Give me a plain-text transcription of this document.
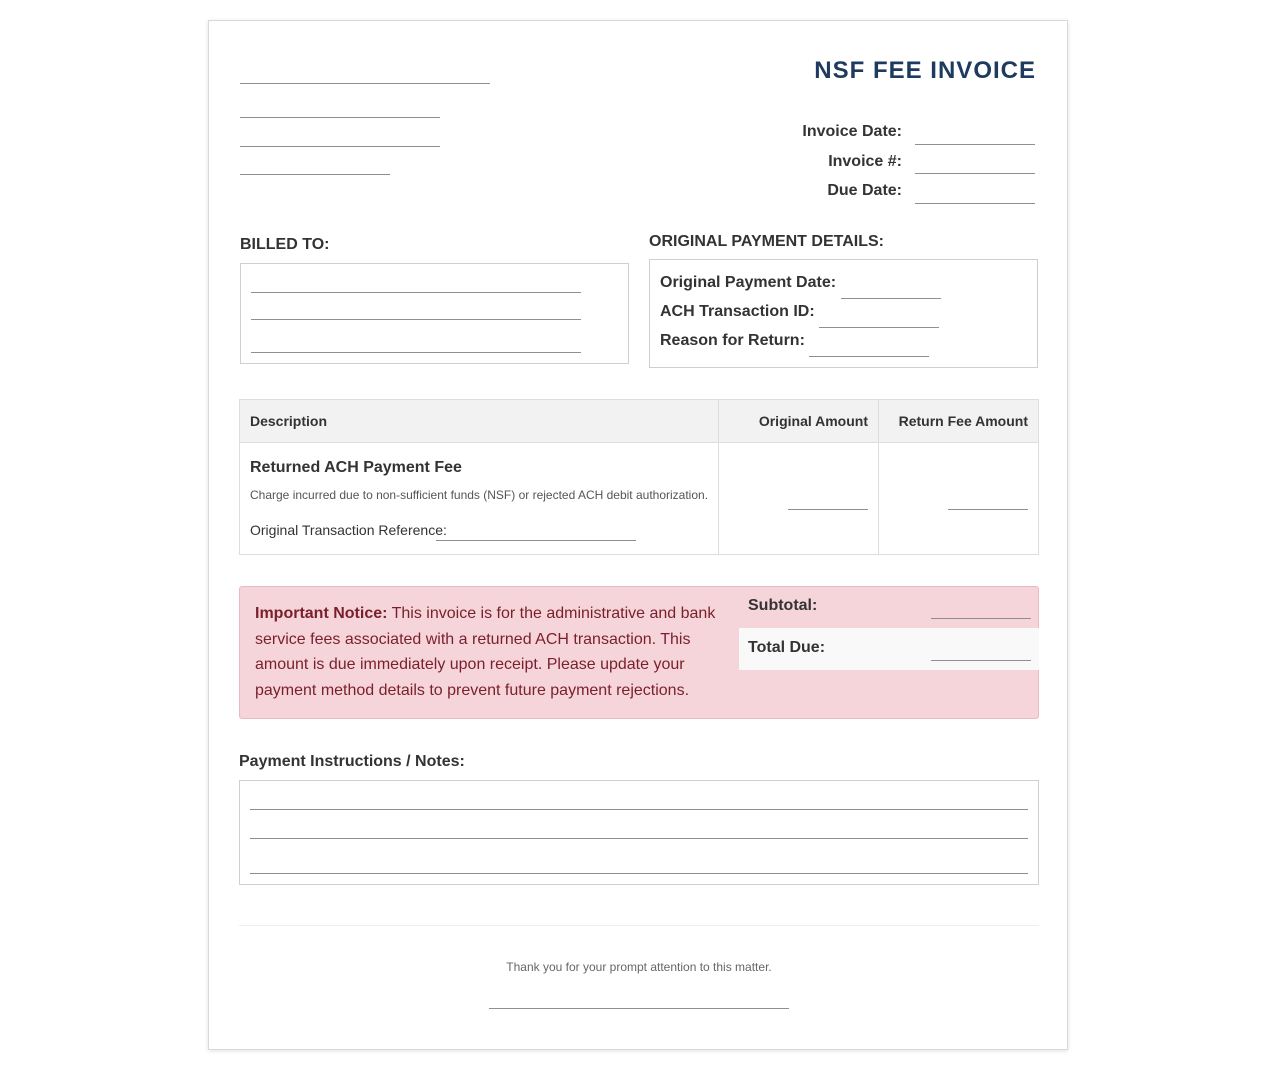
NSF FEE INVOICE
Invoice Date:
Invoice #:
Due Date:
BILLED TO:	ORIGINAL PAYMENT DETAILS:
Original Payment Date:
ACH Transaction ID:
Reason for Return:
Description	Original Amount	Return Fee Amount

Returned ACH Payment Fee
Charge incurred due to non-sufficient funds (NSF) or rejected ACH debit authorization.
Original Transaction Reference:		

Important Notice: This invoice is for the administrative and bank service fees associated with a returned ACH transaction. This amount is due immediately upon receipt. Please update your payment method details to prevent future payment rejections.
Subtotal:
Total Due:
Payment Instructions / Notes:
Thank you for your prompt attention to this matter.
